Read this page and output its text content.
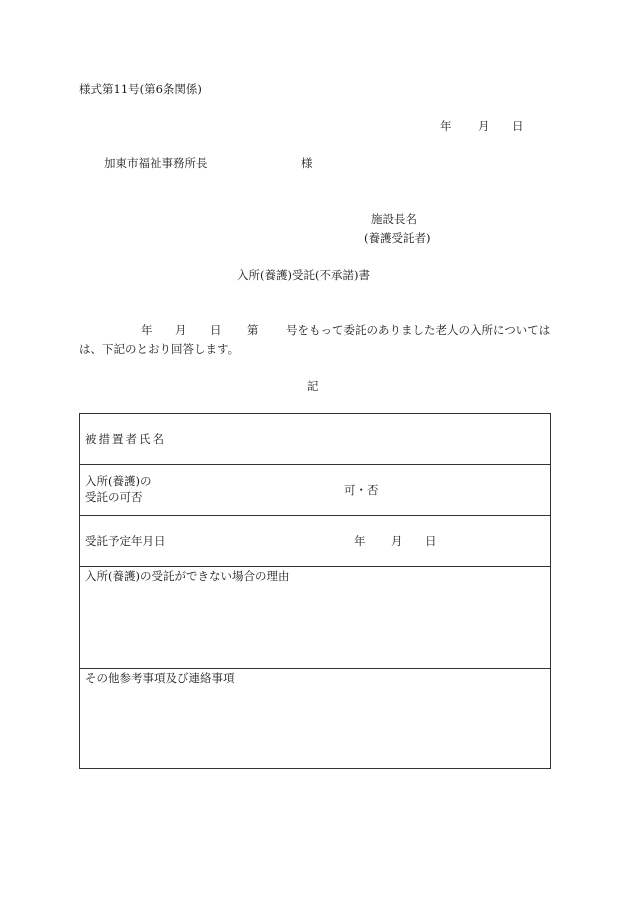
様式第11号(第6条関係)
年 月 日
加東市福祉事務所長	様
施設長名
(養護受託者)
入所(養護)受託(不承諾)書
年 月 日 第 号をもって委託のありました老人の入所については
は、下記のとおり回答します。
記
被措置者氏名
入所(養護)の
受託の可否	可・否
受託予定年月日	年 月 日
入所(養護)の受託ができない場合の理由
その他参考事項及び連絡事項
